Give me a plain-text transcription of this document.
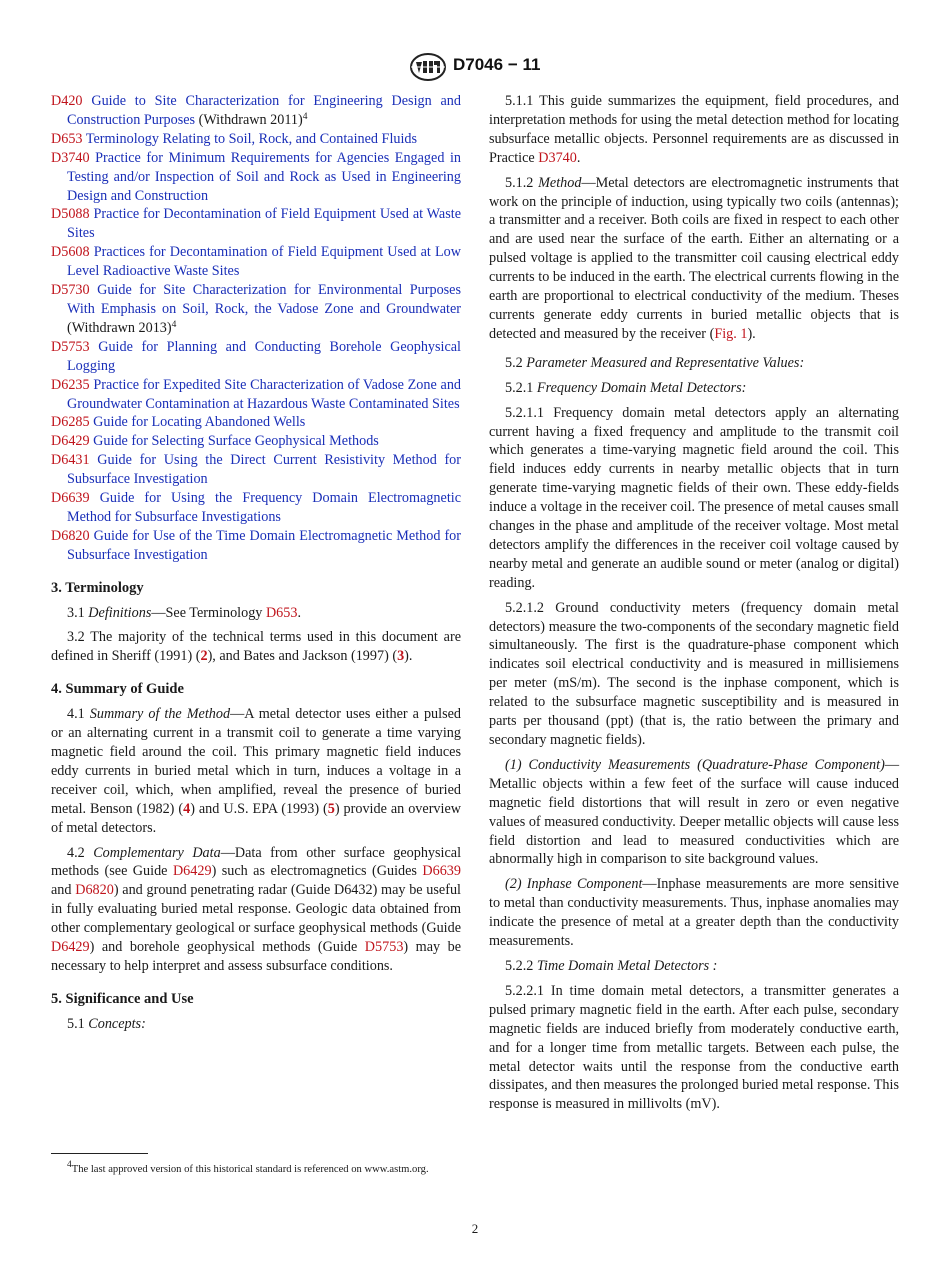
D7046 − 11
D420 Guide to Site Characterization for Engineering Design and Construction Purposes (Withdrawn 2011)$^4$
D653 Terminology Relating to Soil, Rock, and Contained Fluids
D3740 Practice for Minimum Requirements for Agencies Engaged in Testing and/or Inspection of Soil and Rock as Used in Engineering Design and Construction
D5088 Practice for Decontamination of Field Equipment Used at Waste Sites
D5608 Practices for Decontamination of Field Equipment Used at Low Level Radioactive Waste Sites
D5730 Guide for Site Characterization for Environmental Purposes With Emphasis on Soil, Rock, the Vadose Zone and Groundwater (Withdrawn 2013)$^4$
D5753 Guide for Planning and Conducting Borehole Geophysical Logging
D6235 Practice for Expedited Site Characterization of Vadose Zone and Groundwater Contamination at Hazardous Waste Contaminated Sites
D6285 Guide for Locating Abandoned Wells
D6429 Guide for Selecting Surface Geophysical Methods
D6431 Guide for Using the Direct Current Resistivity Method for Subsurface Investigation
D6639 Guide for Using the Frequency Domain Electromagnetic Method for Subsurface Investigations
D6820 Guide for Use of the Time Domain Electromagnetic Method for Subsurface Investigation
3. Terminology

3.1 Definitions—See Terminology D653.

3.2 The majority of the technical terms used in this document are defined in Sheriff (1991) (2), and Bates and Jackson (1997) (3).

4. Summary of Guide

4.1 Summary of the Method—A metal detector uses either a pulsed or an alternating current in a transmit coil to generate a time varying magnetic field around the coil. This primary magnetic field induces eddy currents in buried metal which in turn, induces a voltage in a receiver coil, which, when amplified, reveal the presence of buried metal. Benson (1982) (4) and U.S. EPA (1993) (5) provide an overview of metal detectors.

4.2 Complementary Data—Data from other surface geophysical methods (see Guide D6429) such as electromagnetics (Guides D6639 and D6820) and ground penetrating radar (Guide D6432) may be useful in fully evaluating buried metal response. Geologic data obtained from other complementary geological or surface geophysical methods (Guide D6429) and borehole geophysical methods (Guide D5753) may be necessary to help interpret and assess subsurface conditions.

5. Significance and Use

5.1 Concepts:

$^4$The last approved version of this historical standard is referenced on www.astm.org.

5.1.1 This guide summarizes the equipment, field procedures, and interpretation methods for using the metal detection method for locating subsurface metallic objects. Personnel requirements are as discussed in Practice D3740.

5.1.2 Method—Metal detectors are electromagnetic instruments that work on the principle of induction, using typically two coils (antennas); a transmitter and a receiver. Both coils are fixed in respect to each other and are used near the surface of the earth. Either an alternating or a pulsed voltage is applied to the transmitter coil causing electrical eddy currents to be induced in the earth. The electrical currents flowing in the earth are proportional to electrical conductivity of the medium. Theses currents generate eddy currents in buried metallic objects that is detected and measured by the receiver (Fig. 1).

5.2 Parameter Measured and Representative Values:

5.2.1 Frequency Domain Metal Detectors:

5.2.1.1 Frequency domain metal detectors apply an alternating current having a fixed frequency and amplitude to the transmit coil which generates a time-varying magnetic field around the coil. This field induces eddy currents in nearby metallic objects that in turn generate time-varying magnetic fields of their own. These eddy-fields induce a voltage in the receiver coil. The presence of metal causes small changes in the phase and amplitude of the receiver voltage. Most metal detectors amplify the differences in the receiver coil voltage caused by nearby metal and generate an audible sound or meter (analog or digital) reading.

5.2.1.2 Ground conductivity meters (frequency domain metal detectors) measure the two-components of the secondary magnetic field simultaneously. The first is the quadrature-phase component which indicates soil electrical conductivity and is measured in millisiemens per meter (mS/m). The second is the inphase component, which is related to the subsurface magnetic susceptibility and is measured in parts per thousand (ppt) (that is, the ratio between the primary and secondary magnetic fields).

(1) Conductivity Measurements (Quadrature-Phase Component)—Metallic objects within a few feet of the surface will cause induced magnetic field distortions that will result in zero or even negative values of measured conductivity. Deeper metallic objects will cause less field distortion and lead to measured conductivities which are abnormally high in comparison to site background values.

(2) Inphase Component—Inphase measurements are more sensitive to metal than conductivity measurements. Thus, inphase anomalies may indicate the presence of metal at a greater depth than the conductivity measurements.

5.2.2 Time Domain Metal Detectors :

5.2.2.1 In time domain metal detectors, a transmitter generates a pulsed primary magnetic field in the earth. After each pulse, secondary magnetic fields are induced briefly from moderately conductive earth, and for a longer time from metallic targets. Between each pulse, the metal detector waits until the response from the conductive earth dissipates, and then measures the prolonged buried metal response. This response is measured in millivolts (mV).

2
